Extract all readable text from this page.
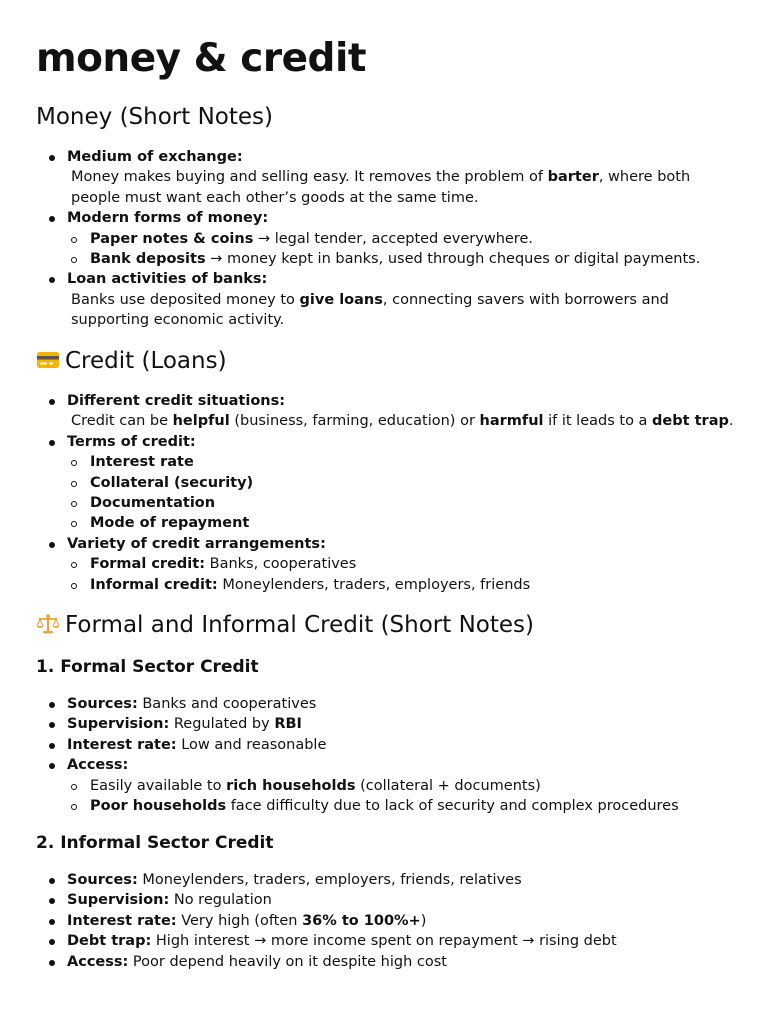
money & credit
Money (Short Notes)
Medium of exchange:
Money makes buying and selling easy. It removes the problem of barter, where both people must want each other’s goods at the same time.
Modern forms of money:
Paper notes & coins → legal tender, accepted everywhere.
Bank deposits → money kept in banks, used through cheques or digital payments.
Loan activities of banks:
Banks use deposited money to give loans, connecting savers with borrowers and supporting economic activity.
Credit (Loans)
Different credit situations:
Credit can be helpful (business, farming, education) or harmful if it leads to a debt trap.
Terms of credit:
Interest rate
Collateral (security)
Documentation
Mode of repayment
Variety of credit arrangements:
Formal credit: Banks, cooperatives
Informal credit: Moneylenders, traders, employers, friends
Formal and Informal Credit (Short Notes)
1. Formal Sector Credit
Sources: Banks and cooperatives
Supervision: Regulated by RBI
Interest rate: Low and reasonable
Access:
Easily available to rich households (collateral + documents)
Poor households face difficulty due to lack of security and complex procedures
2. Informal Sector Credit
Sources: Moneylenders, traders, employers, friends, relatives
Supervision: No regulation
Interest rate: Very high (often 36% to 100%+)
Debt trap: High interest → more income spent on repayment → rising debt
Access: Poor depend heavily on it despite high cost
